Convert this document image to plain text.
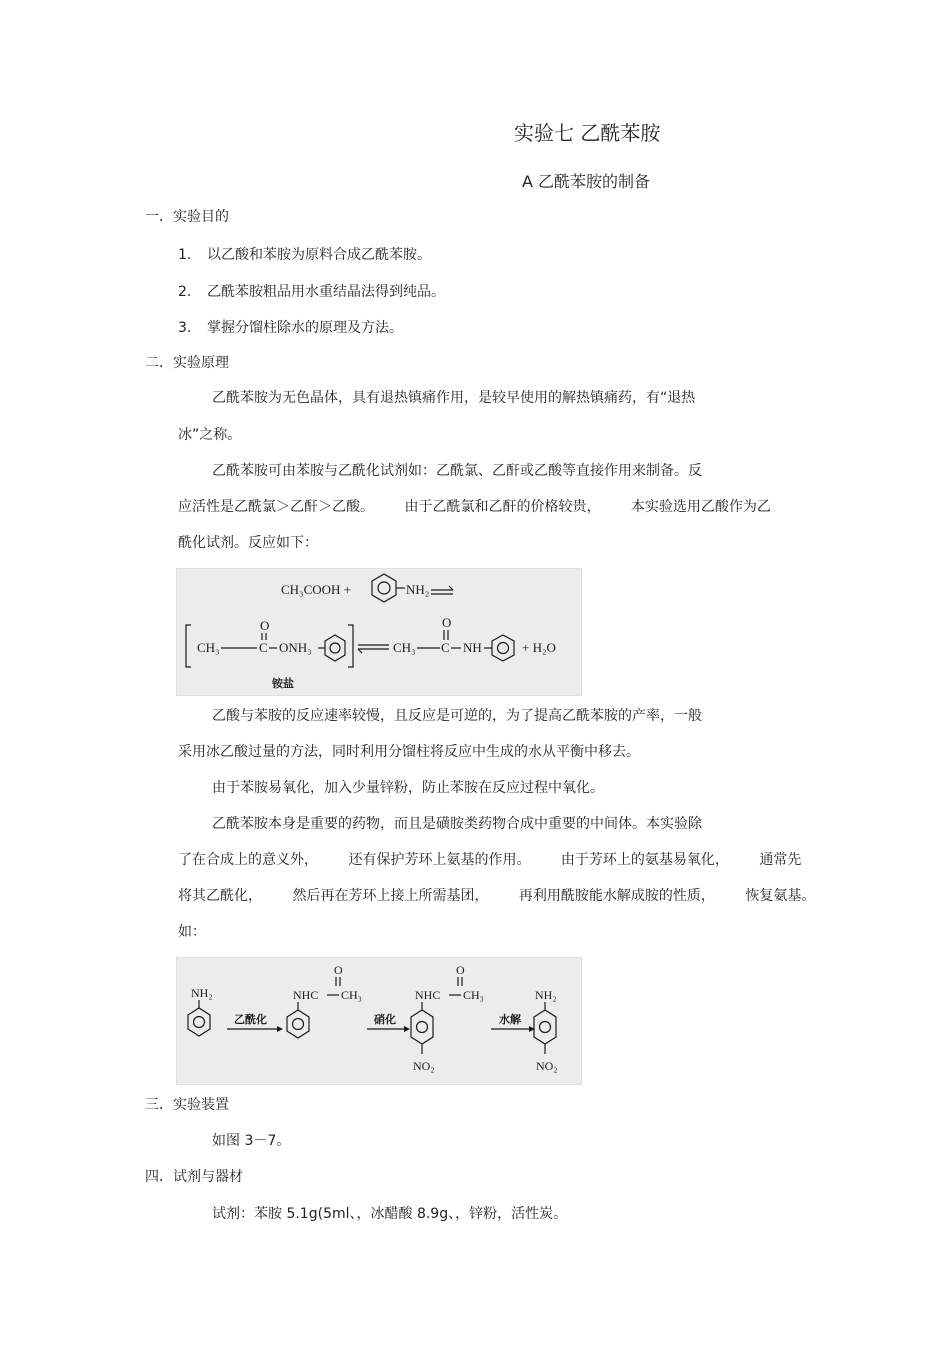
实验七 乙酰苯胺
A 乙酰苯胺的制备
一．实验目的
1. 以乙酸和苯胺为原料合成乙酰苯胺。
2. 乙酰苯胺粗品用水重结晶法得到纯品。
3. 掌握分馏柱除水的原理及方法。
二．实验原理
乙酰苯胺为无色晶体，具有退热镇痛作用，是较早使用的解热镇痛药，有“退热
冰”之称。
乙酰苯胺可由苯胺与乙酰化试剂如：乙酰氯、乙酐或乙酸等直接作用来制备。反
应活性是乙酰氯＞乙酐＞乙酸。 由于乙酰氯和乙酐的价格较贵， 本实验选用乙酸作为乙
酰化试剂。反应如下：
CH₃COOH +	NH₂
CH₃	C
O
ONH₃
铵盐
CH₃ C
O
NH	+ H₂O
乙酸与苯胺的反应速率较慢，且反应是可逆的，为了提高乙酰苯胺的产率，一般
采用冰乙酸过量的方法，同时利用分馏柱将反应中生成的水从平衡中移去。
由于苯胺易氧化，加入少量锌粉，防止苯胺在反应过程中氧化。
乙酰苯胺本身是重要的药物，而且是磺胺类药物合成中重要的中间体。本实验除
了在合成上的意义外， 还有保护芳环上氨基的作用。 由于芳环上的氨基易氧化， 通常先
将其乙酰化， 然后再在芳环上接上所需基团， 再利用酰胺能水解成胺的性质， 恢复氨基。
如：
NH₂
乙酰化
NHC CH₃
O
硝化
NHC CH₃
O
NO₂
水解
NH₂
NO₂
三．实验装置
如图 3－7。
四．试剂与器材
试剂：苯胺 5.1g(5ml、，冰醋酸 8.9g、，锌粉，活性炭。
